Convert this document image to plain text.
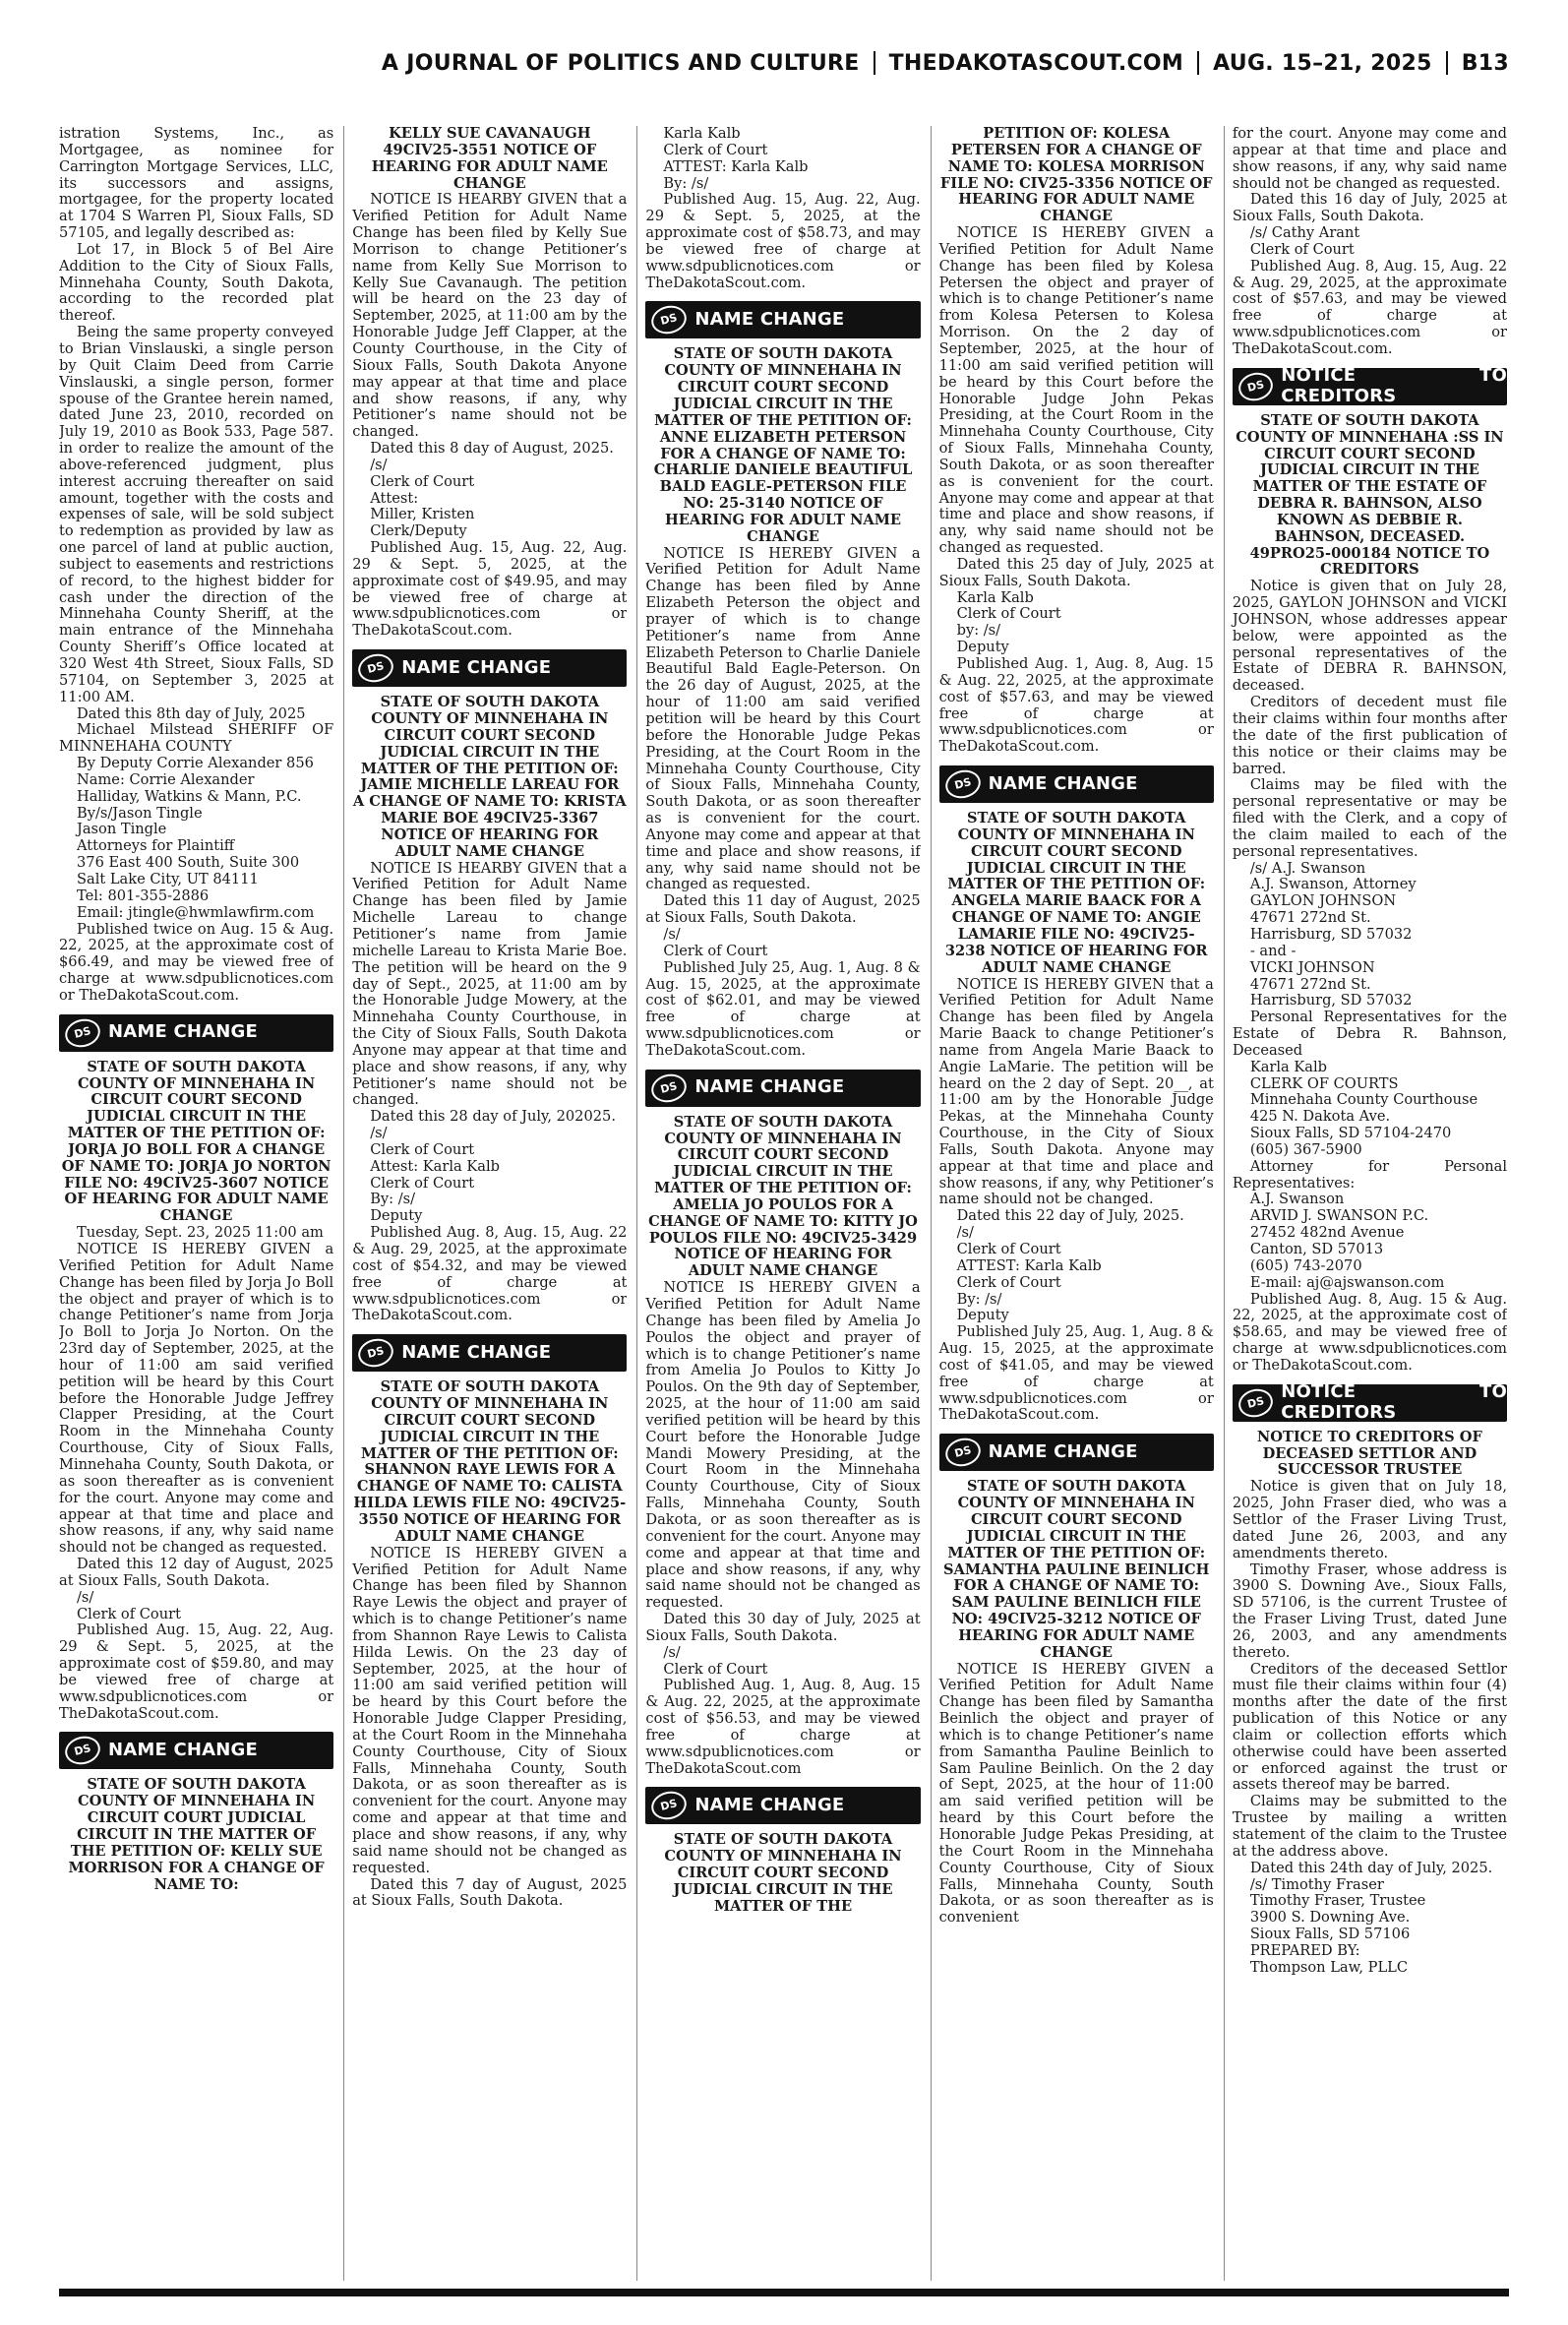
A JOURNAL OF POLITICS AND CULTURE THEDAKOTASCOUT.COM AUG. 15–21, 2025 B13

istration Systems, Inc., as Mortgagee, as nominee for Carrington Mortgage Services, LLC, its successors and assigns, mortgagee, for the property located at 1704 S Warren Pl, Sioux Falls, SD 57105, and legally described as:

Lot 17, in Block 5 of Bel Aire Addition to the City of Sioux Falls, Minnehaha County, South Dakota, according to the recorded plat thereof.

Being the same property conveyed to Brian Vinslauski, a single person by Quit Claim Deed from Carrie Vinslauski, a single person, former spouse of the Grantee herein named, dated June 23, 2010, recorded on July 19, 2010 as Book 533, Page 587. in order to realize the amount of the above-referenced judgment, plus interest accruing thereafter on said amount, together with the costs and expenses of sale, will be sold subject to redemption as provided by law as one parcel of land at public auction, subject to easements and restrictions of record, to the highest bidder for cash under the direction of the Minnehaha County Sheriff, at the main entrance of the Minnehaha County Sheriff’s Office located at 320 West 4th Street, Sioux Falls, SD 57104, on September 3, 2025 at 11:00 AM.

Dated this 8th day of July, 2025

Michael Milstead SHERIFF OF MINNEHAHA COUNTY

By Deputy Corrie Alexander 856

Name: Corrie Alexander

Halliday, Watkins & Mann, P.C.

By/s/Jason Tingle

Jason Tingle

Attorneys for Plaintiff

376 East 400 South, Suite 300

Salt Lake City, UT 84111

Tel: 801-355-2886

Email: jtingle@hwmlawfirm.com

Published twice on Aug. 15 & Aug. 22, 2025, at the approximate cost of $66.49, and may be viewed free of charge at www.sdpublicnotices.com or TheDakotaScout.com.

DS NAME CHANGE

STATE OF SOUTH DAKOTA COUNTY OF MINNEHAHA IN CIRCUIT COURT SECOND JUDICIAL CIRCUIT IN THE MATTER OF THE PETITION OF: JORJA JO BOLL FOR A CHANGE OF NAME TO: JORJA JO NORTON FILE NO: 49CIV25-3607 NOTICE OF HEARING FOR ADULT NAME CHANGE

Tuesday, Sept. 23, 2025 11:00 am

NOTICE IS HEREBY GIVEN a Verified Petition for Adult Name Change has been filed by Jorja Jo Boll the object and prayer of which is to change Petitioner’s name from Jorja Jo Boll to Jorja Jo Norton. On the 23rd day of September, 2025, at the hour of 11:00 am said verified petition will be heard by this Court before the Honorable Judge Jeffrey Clapper Presiding, at the Court Room in the Minnehaha County Courthouse, City of Sioux Falls, Minnehaha County, South Dakota, or as soon thereafter as is convenient for the court. Anyone may come and appear at that time and place and show reasons, if any, why said name should not be changed as requested.

Dated this 12 day of August, 2025 at Sioux Falls, South Dakota.

/s/

Clerk of Court

Published Aug. 15, Aug. 22, Aug. 29 & Sept. 5, 2025, at the approximate cost of $59.80, and may be viewed free of charge at www.sdpublicnotices.com or TheDakotaScout.com.

DS NAME CHANGE

STATE OF SOUTH DAKOTA COUNTY OF MINNEHAHA IN CIRCUIT COURT JUDICIAL CIRCUIT IN THE MATTER OF THE PETITION OF: KELLY SUE MORRISON FOR A CHANGE OF NAME TO:

KELLY SUE CAVANAUGH 49CIV25-3551 NOTICE OF HEARING FOR ADULT NAME CHANGE

NOTICE IS HEARBY GIVEN that a Verified Petition for Adult Name Change has been filed by Kelly Sue Morrison to change Petitioner’s name from Kelly Sue Morrison to Kelly Sue Cavanaugh. The petition will be heard on the 23 day of September, 2025, at 11:00 am by the Honorable Judge Jeff Clapper, at the County Courthouse, in the City of Sioux Falls, South Dakota Anyone may appear at that time and place and show reasons, if any, why Petitioner’s name should not be changed.

Dated this 8 day of August, 2025.

/s/

Clerk of Court

Attest:

Miller, Kristen

Clerk/Deputy

Published Aug. 15, Aug. 22, Aug. 29 & Sept. 5, 2025, at the approximate cost of $49.95, and may be viewed free of charge at www.sdpublicnotices.com or TheDakotaScout.com.

DS NAME CHANGE

STATE OF SOUTH DAKOTA COUNTY OF MINNEHAHA IN CIRCUIT COURT SECOND JUDICIAL CIRCUIT IN THE MATTER OF THE PETITION OF: JAMIE MICHELLE LAREAU FOR A CHANGE OF NAME TO: KRISTA MARIE BOE 49CIV25-3367 NOTICE OF HEARING FOR ADULT NAME CHANGE

NOTICE IS HEARBY GIVEN that a Verified Petition for Adult Name Change has been filed by Jamie Michelle Lareau to change Petitioner’s name from Jamie michelle Lareau to Krista Marie Boe. The petition will be heard on the 9 day of Sept., 2025, at 11:00 am by the Honorable Judge Mowery, at the Minnehaha County Courthouse, in the City of Sioux Falls, South Dakota Anyone may appear at that time and place and show reasons, if any, why Petitioner’s name should not be changed.

Dated this 28 day of July, 202025.

/s/

Clerk of Court

Attest: Karla Kalb

Clerk of Court

By: /s/

Deputy

Published Aug. 8, Aug. 15, Aug. 22 & Aug. 29, 2025, at the approximate cost of $54.32, and may be viewed free of charge at www.sdpublicnotices.com or TheDakotaScout.com.

DS NAME CHANGE

STATE OF SOUTH DAKOTA COUNTY OF MINNEHAHA IN CIRCUIT COURT SECOND JUDICIAL CIRCUIT IN THE MATTER OF THE PETITION OF: SHANNON RAYE LEWIS FOR A CHANGE OF NAME TO: CALISTA HILDA LEWIS FILE NO: 49CIV25-3550 NOTICE OF HEARING FOR ADULT NAME CHANGE

NOTICE IS HEREBY GIVEN a Verified Petition for Adult Name Change has been filed by Shannon Raye Lewis the object and prayer of which is to change Petitioner’s name from Shannon Raye Lewis to Calista Hilda Lewis. On the 23 day of September, 2025, at the hour of 11:00 am said verified petition will be heard by this Court before the Honorable Judge Clapper Presiding, at the Court Room in the Minnehaha County Courthouse, City of Sioux Falls, Minnehaha County, South Dakota, or as soon thereafter as is convenient for the court. Anyone may come and appear at that time and place and show reasons, if any, why said name should not be changed as requested.

Dated this 7 day of August, 2025 at Sioux Falls, South Dakota.

Karla Kalb

Clerk of Court

ATTEST: Karla Kalb

By: /s/

Published Aug. 15, Aug. 22, Aug. 29 & Sept. 5, 2025, at the approximate cost of $58.73, and may be viewed free of charge at www.sdpublicnotices.com or TheDakotaScout.com.

DS NAME CHANGE

STATE OF SOUTH DAKOTA COUNTY OF MINNEHAHA IN CIRCUIT COURT SECOND JUDICIAL CIRCUIT IN THE MATTER OF THE PETITION OF: ANNE ELIZABETH PETERSON FOR A CHANGE OF NAME TO: CHARLIE DANIELE BEAUTIFUL BALD EAGLE-PETERSON FILE NO: 25-3140 NOTICE OF HEARING FOR ADULT NAME CHANGE

NOTICE IS HEREBY GIVEN a Verified Petition for Adult Name Change has been filed by Anne Elizabeth Peterson the object and prayer of which is to change Petitioner’s name from Anne Elizabeth Peterson to Charlie Daniele Beautiful Bald Eagle-Peterson. On the 26 day of August, 2025, at the hour of 11:00 am said verified petition will be heard by this Court before the Honorable Judge Pekas Presiding, at the Court Room in the Minnehaha County Courthouse, City of Sioux Falls, Minnehaha County, South Dakota, or as soon thereafter as is convenient for the court. Anyone may come and appear at that time and place and show reasons, if any, why said name should not be changed as requested.

Dated this 11 day of August, 2025 at Sioux Falls, South Dakota.

/s/

Clerk of Court

Published July 25, Aug. 1, Aug. 8 & Aug. 15, 2025, at the approximate cost of $62.01, and may be viewed free of charge at www.sdpublicnotices.com or TheDakotaScout.com.

DS NAME CHANGE

STATE OF SOUTH DAKOTA COUNTY OF MINNEHAHA IN CIRCUIT COURT SECOND JUDICIAL CIRCUIT IN THE MATTER OF THE PETITION OF: AMELIA JO POULOS FOR A CHANGE OF NAME TO: KITTY JO POULOS FILE NO: 49CIV25-3429 NOTICE OF HEARING FOR ADULT NAME CHANGE

NOTICE IS HEREBY GIVEN a Verified Petition for Adult Name Change has been filed by Amelia Jo Poulos the object and prayer of which is to change Petitioner’s name from Amelia Jo Poulos to Kitty Jo Poulos. On the 9th day of September, 2025, at the hour of 11:00 am said verified petition will be heard by this Court before the Honorable Judge Mandi Mowery Presiding, at the Court Room in the Minnehaha County Courthouse, City of Sioux Falls, Minnehaha County, South Dakota, or as soon thereafter as is convenient for the court. Anyone may come and appear at that time and place and show reasons, if any, why said name should not be changed as requested.

Dated this 30 day of July, 2025 at Sioux Falls, South Dakota.

/s/

Clerk of Court

Published Aug. 1, Aug. 8, Aug. 15 & Aug. 22, 2025, at the approximate cost of $56.53, and may be viewed free of charge at www.sdpublicnotices.com or TheDakotaScout.com

DS NAME CHANGE

STATE OF SOUTH DAKOTA COUNTY OF MINNEHAHA IN CIRCUIT COURT SECOND JUDICIAL CIRCUIT IN THE MATTER OF THE

PETITION OF: KOLESA PETERSEN FOR A CHANGE OF NAME TO: KOLESA MORRISON FILE NO: CIV25-3356 NOTICE OF HEARING FOR ADULT NAME CHANGE

NOTICE IS HEREBY GIVEN a Verified Petition for Adult Name Change has been filed by Kolesa Petersen the object and prayer of which is to change Petitioner’s name from Kolesa Petersen to Kolesa Morrison. On the 2 day of September, 2025, at the hour of 11:00 am said verified petition will be heard by this Court before the Honorable Judge John Pekas Presiding, at the Court Room in the Minnehaha County Courthouse, City of Sioux Falls, Minnehaha County, South Dakota, or as soon thereafter as is convenient for the court. Anyone may come and appear at that time and place and show reasons, if any, why said name should not be changed as requested.

Dated this 25 day of July, 2025 at Sioux Falls, South Dakota.

Karla Kalb

Clerk of Court

by: /s/

Deputy

Published Aug. 1, Aug. 8, Aug. 15 & Aug. 22, 2025, at the approximate cost of $57.63, and may be viewed free of charge at www.sdpublicnotices.com or TheDakotaScout.com.

DS NAME CHANGE

STATE OF SOUTH DAKOTA COUNTY OF MINNEHAHA IN CIRCUIT COURT SECOND JUDICIAL CIRCUIT IN THE MATTER OF THE PETITION OF: ANGELA MARIE BAACK FOR A CHANGE OF NAME TO: ANGIE LAMARIE FILE NO: 49CIV25-3238 NOTICE OF HEARING FOR ADULT NAME CHANGE

NOTICE IS HEREBY GIVEN that a Verified Petition for Adult Name Change has been filed by Angela Marie Baack to change Petitioner’s name from Angela Marie Baack to Angie LaMarie. The petition will be heard on the 2 day of Sept. 20__, at 11:00 am by the Honorable Judge Pekas, at the Minnehaha County Courthouse, in the City of Sioux Falls, South Dakota. Anyone may appear at that time and place and show reasons, if any, why Petitioner’s name should not be changed.

Dated this 22 day of July, 2025.

/s/

Clerk of Court

ATTEST: Karla Kalb

Clerk of Court

By: /s/

Deputy

Published July 25, Aug. 1, Aug. 8 & Aug. 15, 2025, at the approximate cost of $41.05, and may be viewed free of charge at www.sdpublicnotices.com or TheDakotaScout.com.

DS NAME CHANGE

STATE OF SOUTH DAKOTA COUNTY OF MINNEHAHA IN CIRCUIT COURT SECOND JUDICIAL CIRCUIT IN THE MATTER OF THE PETITION OF: SAMANTHA PAULINE BEINLICH FOR A CHANGE OF NAME TO: SAM PAULINE BEINLICH FILE NO: 49CIV25-3212 NOTICE OF HEARING FOR ADULT NAME CHANGE

NOTICE IS HEREBY GIVEN a Verified Petition for Adult Name Change has been filed by Samantha Beinlich the object and prayer of which is to change Petitioner’s name from Samantha Pauline Beinlich to Sam Pauline Beinlich. On the 2 day of Sept, 2025, at the hour of 11:00 am said verified petition will be heard by this Court before the Honorable Judge Pekas Presiding, at the Court Room in the Minnehaha County Courthouse, City of Sioux Falls, Minnehaha County, South Dakota, or as soon thereafter as is convenient

for the court. Anyone may come and appear at that time and place and show reasons, if any, why said name should not be changed as requested.

Dated this 16 day of July, 2025 at Sioux Falls, South Dakota.

/s/ Cathy Arant

Clerk of Court

Published Aug. 8, Aug. 15, Aug. 22 & Aug. 29, 2025, at the approximate cost of $57.63, and may be viewed free of charge at www.sdpublicnotices.com or TheDakotaScout.com.

DS NOTICE TO CREDITORS

STATE OF SOUTH DAKOTA COUNTY OF MINNEHAHA :SS IN CIRCUIT COURT SECOND JUDICIAL CIRCUIT IN THE MATTER OF THE ESTATE OF DEBRA R. BAHNSON, ALSO KNOWN AS DEBBIE R. BAHNSON, DECEASED. 49PRO25-000184 NOTICE TO CREDITORS

Notice is given that on July 28, 2025, GAYLON JOHNSON and VICKI JOHNSON, whose addresses appear below, were appointed as the personal representatives of the Estate of DEBRA R. BAHNSON, deceased.

Creditors of decedent must file their claims within four months after the date of the first publication of this notice or their claims may be barred.

Claims may be filed with the personal representative or may be filed with the Clerk, and a copy of the claim mailed to each of the personal representatives.

/s/ A.J. Swanson

A.J. Swanson, Attorney

GAYLON JOHNSON

47671 272nd St.

Harrisburg, SD 57032

- and -

VICKI JOHNSON

47671 272nd St.

Harrisburg, SD 57032

Personal Representatives for the Estate of Debra R. Bahnson, Deceased

Karla Kalb

CLERK OF COURTS

Minnehaha County Courthouse

425 N. Dakota Ave.

Sioux Falls, SD 57104-2470

(605) 367-5900

Attorney for Personal Representatives:

A.J. Swanson

ARVID J. SWANSON P.C.

27452 482nd Avenue

Canton, SD 57013

(605) 743-2070

E-mail: aj@ajswanson.com

Published Aug. 8, Aug. 15 & Aug. 22, 2025, at the approximate cost of $58.65, and may be viewed free of charge at www.sdpublicnotices.com or TheDakotaScout.com.

DS NOTICE TO CREDITORS

NOTICE TO CREDITORS OF DECEASED SETTLOR AND SUCCESSOR TRUSTEE

Notice is given that on July 18, 2025, John Fraser died, who was a Settlor of the Fraser Living Trust, dated June 26, 2003, and any amendments thereto.

Timothy Fraser, whose address is 3900 S. Downing Ave., Sioux Falls, SD 57106, is the current Trustee of the Fraser Living Trust, dated June 26, 2003, and any amendments thereto.

Creditors of the deceased Settlor must file their claims within four (4) months after the date of the first publication of this Notice or any claim or collection efforts which otherwise could have been asserted or enforced against the trust or assets thereof may be barred.

Claims may be submitted to the Trustee by mailing a written statement of the claim to the Trustee at the address above.

Dated this 24th day of July, 2025.

/s/ Timothy Fraser

Timothy Fraser, Trustee

3900 S. Downing Ave.

Sioux Falls, SD 57106

PREPARED BY:

Thompson Law, PLLC
